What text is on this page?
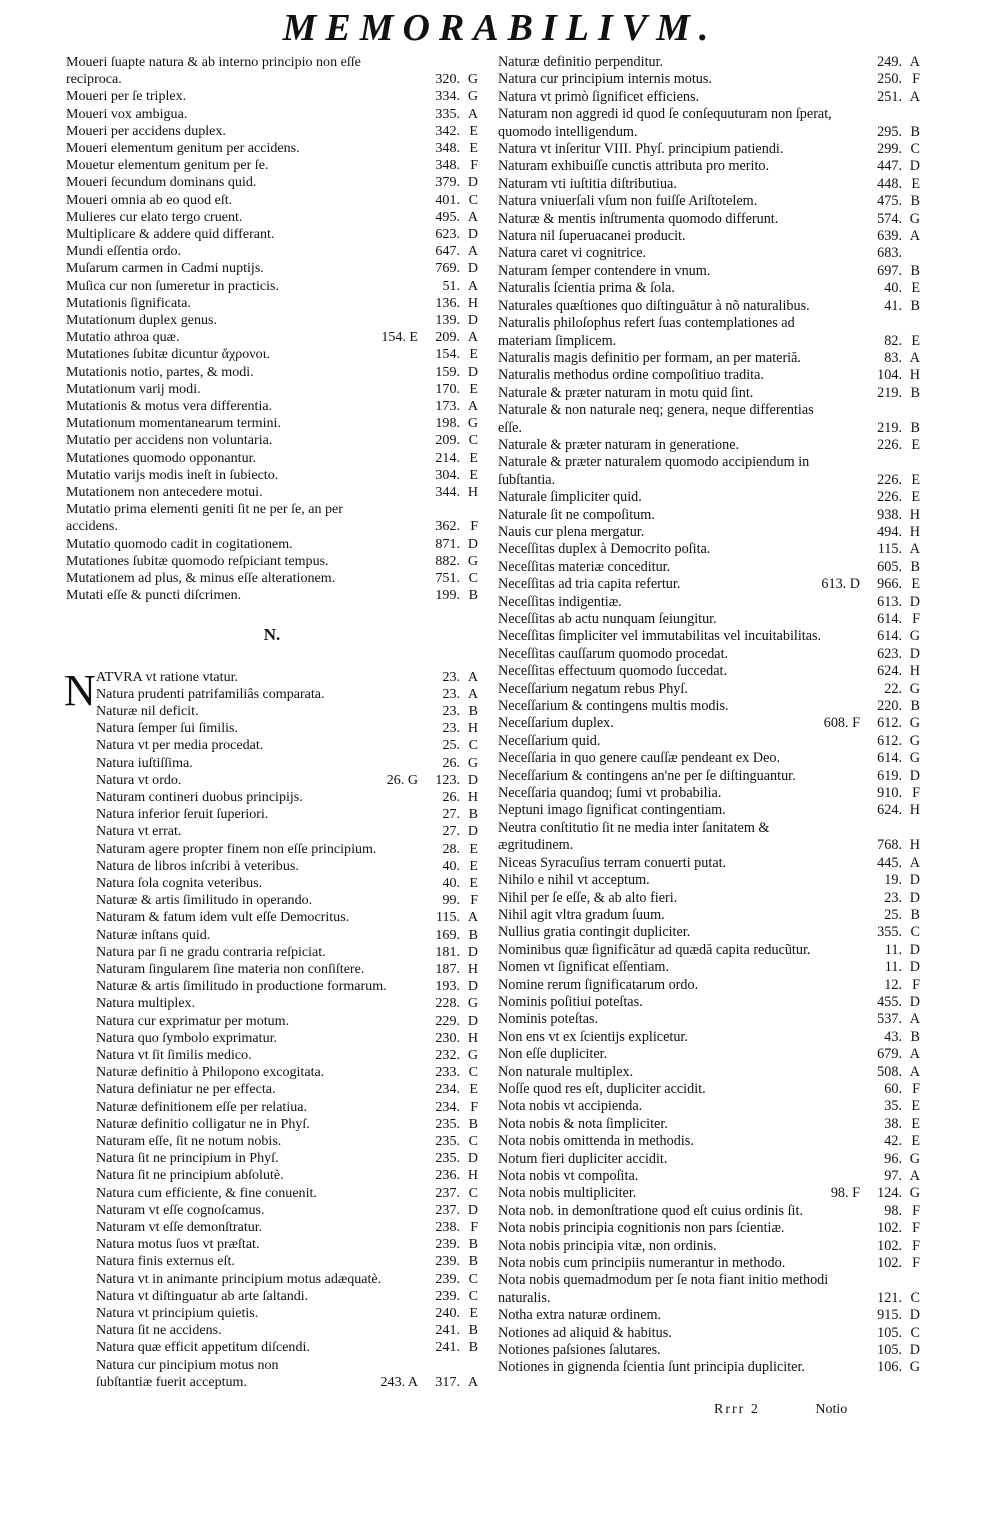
MEMORABILIVM.
Moueri ſuapte natura & ab interno principio non eſſe reciproca.	320. G
Moueri per ſe triplex.	334. G
Moueri vox ambigua.	335. A
Moueri per accidens duplex.	342. E
Moueri elementum genitum per accidens.	348. E
Mouetur elementum genitum per ſe.	348. F
Moueri ſecundum dominans quid.	379. D
Moueri omnia ab eo quod eſt.	401. C
Mulieres cur elato tergo cruent.	495. A
Multiplicare & addere quid differant.	623. D
Mundi eſſentia ordo.	647. A
Muſarum carmen in Cadmi nuptijs.	769. D
Muſica cur non ſumeretur in practicis.	51. A
Mutationis ſignificata.	136. H
Mutationum duplex genus.	139. D
Mutatio athroa quæ.	154. E 209. A
Mutationes ſubitæ dicuntur ἄχρονοι.	154. E
Mutationis notio, partes, & modi.	159. D
Mutationum varij modi.	170. E
Mutationis & motus vera differentia.	173. A
Mutationum momentanearum termini.	198. G
Mutatio per accidens non voluntaria.	209. C
Mutationes quomodo opponantur.	214. E
Mutatio varijs modis ineſt in ſubiecto.	304. E
Mutationem non antecedere motui.	344. H
Mutatio prima elementi geniti ſit ne per ſe, an per accidens.	362. F
Mutatio quomodo cadit in cogitationem.	871. D
Mutationes ſubitæ quomodo reſpiciant tempus.	882. G
Mutationem ad plus, & minus eſſe alterationem.	751. C
Mutati eſſe & puncti diſcrimen.	199. B
N.
N ATVRA vt ratione vtatur.	23. A
Natura prudenti patrifamiliâs comparata.	23. A
Naturæ nil deficit.	23. B
Natura ſemper ſui ſimilis.	23. H
Natura vt per media procedat.	25. C
Natura iuſtiſſima.	26. G
Natura vt ordo.	26. G 123. D
Naturam contineri duobus principijs.	26. H
Natura inferior ſeruit ſuperiori.	27. B
Natura vt errat.	27. D
Naturam agere propter finem non eſſe principium.	28. E
Natura de libros inſcribi à veteribus.	40. E
Natura ſola cognita veteribus.	40. E
Naturæ & artis ſimilitudo in operando.	99. F
Naturam & fatum idem vult eſſe Democritus.	115. A
Naturæ inſtans quid.	169. B
Natura par ſi ne gradu contraria reſpiciat.	181. D
Naturam ſingularem ſine materia non conſiſtere.	187. H
Naturæ & artis ſimilitudo in productione formarum.	193. D
Natura multiplex.	228. G
Natura cur exprimatur per motum.	229. D
Natura quo ſymbolo exprimatur.	230. H
Natura vt ſit ſimilis medico.	232. G
Naturæ definitio à Philopono excogitata.	233. C
Natura definiatur ne per effecta.	234. E
Naturæ definitionem eſſe per relatiua.	234. F
Naturæ definitio colligatur ne in Phyſ.	235. B
Naturam eſſe, ſit ne notum nobis.	235. C
Natura ſit ne principium in Phyſ.	235. D
Natura ſit ne principium abſolutè.	236. H
Natura cum efficiente, & fine conuenit.	237. C
Naturam vt eſſe cognoſcamus.	237. D
Naturam vt eſſe demonſtratur.	238. F
Natura motus ſuos vt præſtat.	239. B
Natura finis externus eſt.	239. B
Natura vt in animante principium motus adæquatè.	239. C
Natura vt diſtinguatur ab arte ſaltandi.	239. C
Natura vt principium quietis.	240. E
Natura ſit ne accidens.	241. B
Natura quæ efficit appetitum diſcendi.	241. B
Natura cur pincipium motus non ſubſtantiæ fuerit acceptum.	243. A 317. A
Naturæ definitio perpenditur.	249. A
Natura cur principium internis motus.	250. F
Natura vt primò ſignificet efficiens.	251. A
Naturam non aggredi id quod ſe conſequuturam non ſperat, quomodo intelligendum.	295. B
Natura vt inſeritur VIII. Phyſ. principium patiendi.	299. C
Naturam exhibuiſſe cunctis attributa pro merito.	447. D
Naturam vti iuſtitia diſtributiua.	448. E
Natura vniuerſali vſum non fuiſſe Ariſtotelem.	475. B
Naturæ & mentis inſtrumenta quomodo differunt.	574. G
Natura nil ſuperuacanei producit.	639. A
Natura caret vi cognitrice.	683.
Naturam ſemper contendere in vnum.	697. B
Naturalis ſcientia prima & ſola.	40. E
Naturales quæſtiones quo diſtinguătur à nõ naturalibus.	41. B
Naturalis philoſophus refert ſuas contemplationes ad materiam ſimplicem.	82. E
Naturalis magis definitio per formam, an per materiă.	83. A
Naturalis methodus ordine compoſitiuo tradita.	104. H
Naturale & præter naturam in motu quid ſint.	219. B
Naturale & non naturale neq; genera, neque differentias eſſe.	219. B
Naturale & præter naturam in generatione.	226. E
Naturale & præter naturalem quomodo accipiendum in ſubſtantia.	226. E
Naturale ſimpliciter quid.	226. E
Naturale ſit ne compoſitum.	938. H
Nauis cur plena mergatur.	494. H
Neceſſitas duplex à Democrito poſita.	115. A
Neceſſitas materiæ conceditur.	605. B
Neceſſitas ad tria capita refertur.	613. D 966. E
Neceſſitas indigentiæ.	613. D
Neceſſitas ab actu nunquam ſeiungitur.	614. F
Neceſſitas ſimpliciter vel immutabilitas vel incuitabilitas.	614. G
Neceſſitas cauſſarum quomodo procedat.	623. D
Neceſſitas effectuum quomodo ſuccedat.	624. H
Neceſſarium negatum rebus Phyſ.	22. G
Neceſſarium & contingens multis modis.	220. B
Neceſſarium duplex.	608. F 612. G
Neceſſarium quid.	612. G
Neceſſaria in quo genere cauſſæ pendeant ex Deo.	614. G
Neceſſarium & contingens an'ne per ſe diſtinguantur.	619. D
Neceſſaria quandoq; ſumi vt probabilia.	910. F
Neptuni imago ſignificat contingentiam.	624. H
Neutra conſtitutio ſit ne media inter ſanitatem & ægritudinem.	768. H
Niceas Syracuſius terram conuerti putat.	445. A
Nihilo e nihil vt acceptum.	19. D
Nihil per ſe eſſe, & ab alto fieri.	23. D
Nihil agit vltra gradum ſuum.	25. B
Nullius gratia contingit dupliciter.	355. C
Nominibus quæ ſignificătur ad quædă capita reducũtur.	11. D
Nomen vt ſignificat eſſentiam.	11. D
Nomine rerum ſignificatarum ordo.	12. F
Nominis poſitiui poteſtas.	455. D
Nominis poteſtas.	537. A
Non ens vt ex ſcientijs explicetur.	43. B
Non eſſe dupliciter.	679. A
Non naturale multiplex.	508. A
Noſſe quod res eſt, dupliciter accidit.	60. F
Nota nobis vt accipienda.	35. E
Nota nobis & nota ſimpliciter.	38. E
Nota nobis omittenda in methodis.	42. E
Notum fieri dupliciter accidit.	96. G
Nota nobis vt compoſita.	97. A
Nota nobis multipliciter.	98. F 124. G
Nota nob. in demonſtratione quod eſt cuius ordinis ſit.	98. F
Nota nobis principia cognitionis non pars ſcientiæ.	102. F
Nota nobis principia vitæ, non ordinis.	102. F
Nota nobis cum principiis numerantur in methodo.	102. F
Nota nobis quemadmodum per ſe nota fiant initio methodi naturalis.	121. C
Notha extra naturæ ordinem.	915. D
Notiones ad aliquid & habitus.	105. C
Notiones paſsiones ſalutares.	105. D
Notiones in gignenda ſcientia ſunt principia dupliciter.	106. G
Rrrr 2	Notio
